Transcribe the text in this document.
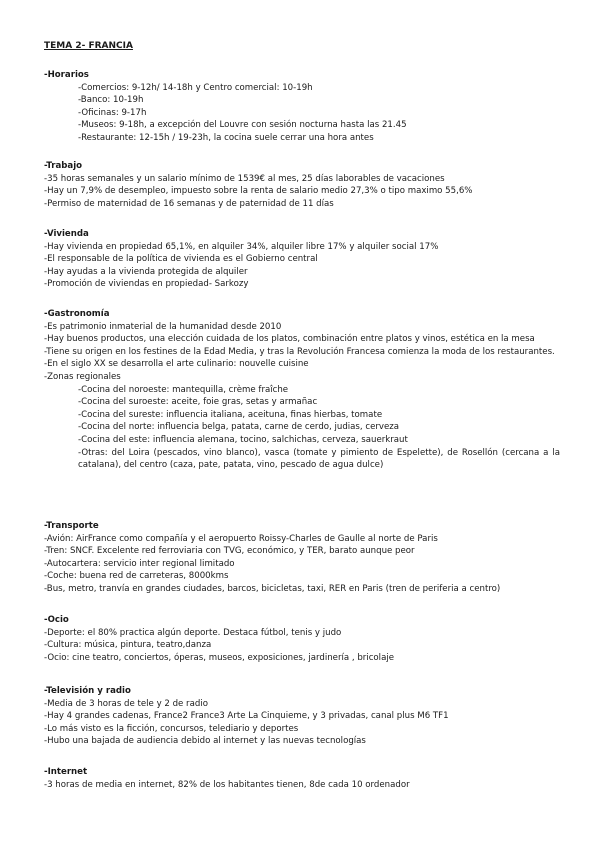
TEMA 2- FRANCIA
-Horarios
-Comercios: 9-12h/ 14-18h y Centro comercial: 10-19h
-Banco: 10-19h
-Oficinas: 9-17h
-Museos: 9-18h, a excepción del Louvre con sesión nocturna hasta las 21.45
-Restaurante: 12-15h / 19-23h, la cocina suele cerrar una hora antes
-Trabajo
-35 horas semanales y un salario mínimo de 1539€ al mes, 25 días laborables de vacaciones
-Hay un 7,9% de desempleo, impuesto sobre la renta de salario medio 27,3% o tipo maximo 55,6%
-Permiso de maternidad de 16 semanas y de paternidad de 11 días
-Vivienda
-Hay vivienda en propiedad 65,1%, en alquiler 34%, alquiler libre 17% y alquiler social 17%
-El responsable de la política de vivienda es el Gobierno central
-Hay ayudas a la vivienda protegida de alquiler
-Promoción de viviendas en propiedad- Sarkozy
-Gastronomía
-Es patrimonio inmaterial de la humanidad desde 2010
-Hay buenos productos, una elección cuidada de los platos, combinación entre platos y vinos, estética en la mesa
-Tiene su origen en los festines de la Edad Media, y tras la Revolución Francesa comienza la moda de los restaurantes.
-En el siglo XX se desarrolla el arte culinario: nouvelle cuisine
-Zonas regionales
-Cocina del noroeste: mantequilla, crème fraîche
-Cocina del suroeste: aceite, foie gras, setas y armañac
-Cocina del sureste: influencia italiana, aceituna, finas hierbas, tomate
-Cocina del norte: influencia belga, patata, carne de cerdo, judias, cerveza
-Cocina del este: influencia alemana, tocino, salchichas, cerveza, sauerkraut
-Otras: del Loira (pescados, vino blanco), vasca (tomate y pimiento de Espelette), de Rosellón (cercana a la catalana), del centro (caza, pate, patata, vino, pescado de agua dulce)
-Transporte
-Avión: AirFrance como compañía y el aeropuerto Roissy-Charles de Gaulle al norte de Paris
-Tren: SNCF. Excelente red ferroviaria con TVG, económico, y TER, barato aunque peor
-Autocartera: servicio inter regional limitado
-Coche: buena red de carreteras, 8000kms
-Bus, metro, tranvía en grandes ciudades, barcos, bicicletas, taxi, RER en Paris (tren de periferia a centro)
-Ocio
-Deporte: el 80% practica algún deporte. Destaca fútbol, tenis y judo
-Cultura: música, pintura, teatro,danza
-Ocio: cine teatro, conciertos, óperas, museos, exposiciones, jardinería , bricolaje
-Televisión y radio
-Media de 3 horas de tele y 2 de radio
-Hay 4 grandes cadenas, France2 France3 Arte La Cinquieme, y 3 privadas, canal plus M6 TF1
-Lo más visto es la ficción, concursos, telediario y deportes
-Hubo una bajada de audiencia debido al internet y las nuevas tecnologías
-Internet
-3 horas de media en internet, 82% de los habitantes tienen, 8de cada 10 ordenador
